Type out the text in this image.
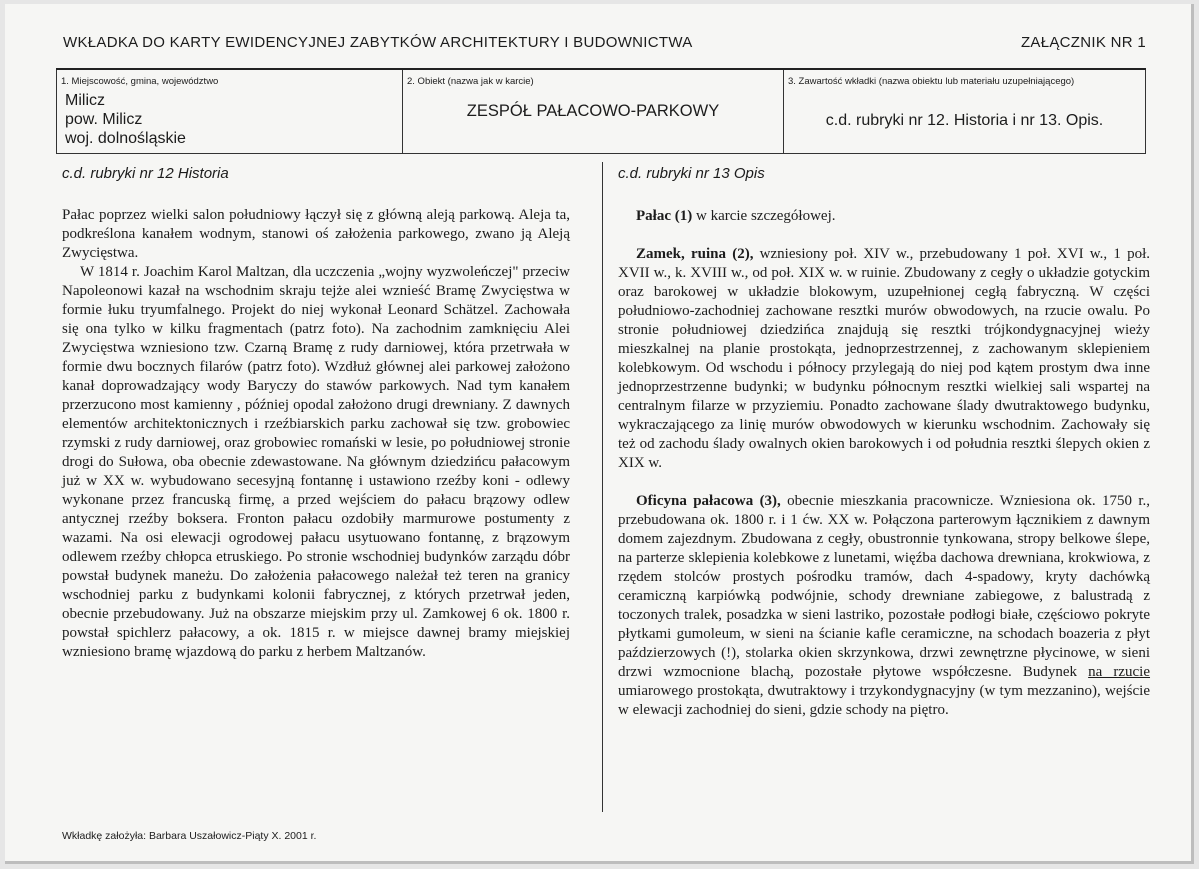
WKŁADKA DO KARTY EWIDENCYJNEJ ZABYTKÓW ARCHITEKTURY I BUDOWNICTWA	ZAŁĄCZNIK NR 1
1. Miejscowość, gmina, województwo
Milicz
pow. Milicz
woj. dolnośląskie
2. Obiekt (nazwa jak w karcie)
ZESPÓŁ PAŁACOWO-PARKOWY
3. Zawartość wkładki (nazwa obiektu lub materiału uzupełniającego)
c.d. rubryki nr 12. Historia i nr 13. Opis.
c.d. rubryki nr 12 Historia	c.d. rubryki nr 13 Opis

Pałac poprzez wielki salon południowy łączył się z główną aleją parkową. Aleja ta, podkreślona kanałem wodnym, stanowi oś założenia parkowego, zwano ją Aleją Zwycięstwa.

W 1814 r. Joachim Karol Maltzan, dla uczczenia „wojny wyzwoleńczej" przeciw Napoleonowi kazał na wschodnim skraju tejże alei wznieść Bramę Zwycięstwa w formie łuku tryumfalnego. Projekt do niej wykonał Leonard Schätzel. Zachowała się ona tylko w kilku fragmentach (patrz foto). Na zachodnim zamknięciu Alei Zwycięstwa wzniesiono tzw. Czarną Bramę z rudy darniowej, która przetrwała w formie dwu bocznych filarów (patrz foto). Wzdłuż głównej alei parkowej założono kanał doprowadzający wody Baryczy do stawów parkowych. Nad tym kanałem przerzucono most kamienny , później opodal założono drugi drewniany. Z dawnych elementów architektonicznych i rzeźbiarskich parku zachował się tzw. grobowiec rzymski z rudy darniowej, oraz grobowiec romański w lesie, po południowej stronie drogi do Sułowa, oba obecnie zdewastowane. Na głównym dziedzińcu pałacowym już w XX w. wybudowano secesyjną fontannę i ustawiono rzeźby koni - odlewy wykonane przez francuską firmę, a przed wejściem do pałacu brązowy odlew antycznej rzeźby boksera. Fronton pałacu ozdobiły marmurowe postumenty z wazami. Na osi elewacji ogrodowej pałacu usytuowano fontannę, z brązowym odlewem rzeźby chłopca etruskiego. Po stronie wschodniej budynków zarządu dóbr powstał budynek maneżu. Do założenia pałacowego należał też teren na granicy wschodniej parku z budynkami kolonii fabrycznej, z których przetrwał jeden, obecnie przebudowany. Już na obszarze miejskim przy ul. Zamkowej 6 ok. 1800 r. powstał spichlerz pałacowy, a ok. 1815 r. w miejsce dawnej bramy miejskiej wzniesiono bramę wjazdową do parku z herbem Maltzanów.

Pałac (1) w karcie szczegółowej.

Zamek, ruina (2), wzniesiony poł. XIV w., przebudowany 1 poł. XVI w., 1 poł. XVII w., k. XVIII w., od poł. XIX w. w ruinie. Zbudowany z cegły o układzie gotyckim oraz barokowej w układzie blokowym, uzupełnionej cegłą fabryczną. W części południowo-zachodniej zachowane resztki murów obwodowych, na rzucie owalu. Po stronie południowej dziedzińca znajdują się resztki trójkondygnacyjnej wieży mieszkalnej na planie prostokąta, jednoprzestrzennej, z zachowanym sklepieniem kolebkowym. Od wschodu i północy przylegają do niej pod kątem prostym dwa inne jednoprzestrzenne budynki; w budynku północnym resztki wielkiej sali wspartej na centralnym filarze w przyziemiu. Ponadto zachowane ślady dwutraktowego budynku, wykraczającego za linię murów obwodowych w kierunku wschodnim. Zachowały się też od zachodu ślady owalnych okien barokowych i od południa resztki ślepych okien z XIX w.

Oficyna pałacowa (3), obecnie mieszkania pracownicze. Wzniesiona ok. 1750 r., przebudowana ok. 1800 r. i 1 ćw. XX w. Połączona parterowym łącznikiem z dawnym domem zajezdnym. Zbudowana z cegły, obustronnie tynkowana, stropy belkowe ślepe, na parterze sklepienia kolebkowe z lunetami, więźba dachowa drewniana, krokwiowa, z rzędem stolców prostych pośrodku tramów, dach 4-spadowy, kryty dachówką ceramiczną karpiówką podwójnie, schody drewniane zabiegowe, z balustradą z toczonych tralek, posadzka w sieni lastriko, pozostałe podłogi białe, częściowo pokryte płytkami gumoleum, w sieni na ścianie kafle ceramiczne, na schodach boazeria z płyt paździerzowych (!), stolarka okien skrzynkowa, drzwi zewnętrzne płycinowe, w sieni drzwi wzmocnione blachą, pozostałe płytowe współczesne. Budynek na rzucie umiarowego prostokąta, dwutraktowy i trzykondygnacyjny (w tym mezzanino), wejście w elewacji zachodniej do sieni, gdzie schody na piętro.

Wkładkę założyła: Barbara Uszałowicz-Piąty X. 2001 r.
